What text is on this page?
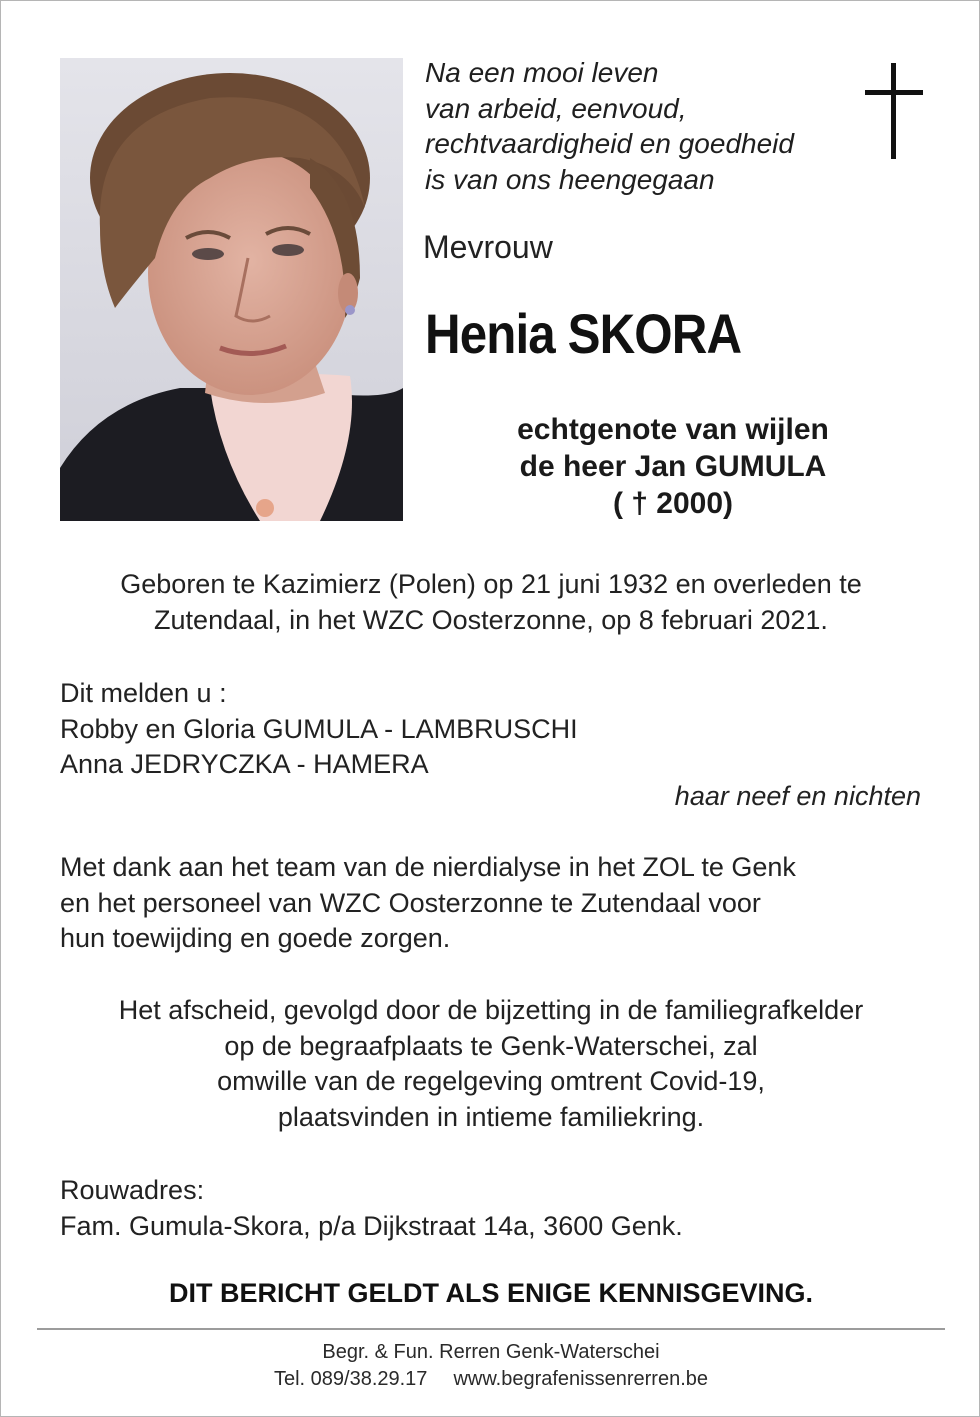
Na een mooi leven
van arbeid, eenvoud,
rechtvaardigheid en goedheid
is van ons heengegaan
Mevrouw
Henia SKORA
echtgenote van wijlen
de heer Jan GUMULA
( † 2000)
Geboren te Kazimierz (Polen) op 21 juni 1932 en overleden te
Zutendaal, in het WZC Oosterzonne, op 8 februari 2021.
Dit melden u :
Robby en Gloria GUMULA - LAMBRUSCHI
Anna JEDRYCZKA - HAMERA
haar neef en nichten
Met dank aan het team van de nierdialyse in het ZOL te Genk
en het personeel van WZC Oosterzonne te Zutendaal voor
hun toewijding en goede zorgen.
Het afscheid, gevolgd door de bijzetting in de familiegrafkelder
op de begraafplaats te Genk-Waterschei, zal
omwille van de regelgeving omtrent Covid-19,
plaatsvinden in intieme familiekring.
Rouwadres:
Fam. Gumula-Skora, p/a Dijkstraat 14a, 3600 Genk.
DIT BERICHT GELDT ALS ENIGE KENNISGEVING.
Begr. & Fun. Rerren Genk-Waterschei
Tel. 089/38.29.17 www.begrafenissenrerren.be
